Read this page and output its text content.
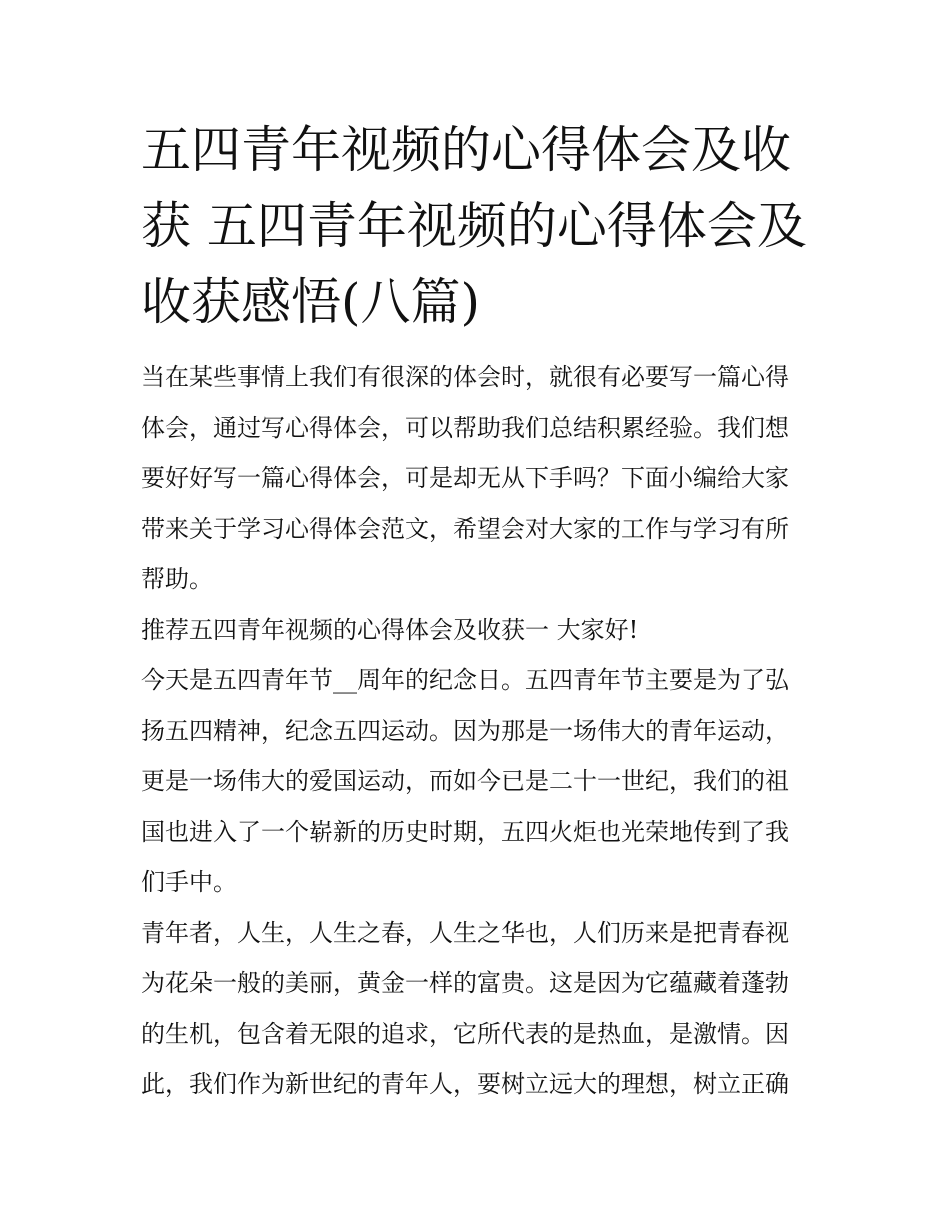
五四青年视频的心得体会及收
获 五四青年视频的心得体会及
收获感悟(八篇)
当在某些事情上我们有很深的体会时，就很有必要写一篇心得
体会，通过写心得体会，可以帮助我们总结积累经验。我们想
要好好写一篇心得体会，可是却无从下手吗？下面小编给大家
带来关于学习心得体会范文，希望会对大家的工作与学习有所
帮助。
推荐五四青年视频的心得体会及收获一 大家好!
今天是五四青年节__周年的纪念日。五四青年节主要是为了弘
扬五四精神，纪念五四运动。因为那是一场伟大的青年运动，
更是一场伟大的爱国运动，而如今已是二十一世纪，我们的祖
国也进入了一个崭新的历史时期，五四火炬也光荣地传到了我
们手中。
青年者，人生，人生之春，人生之华也，人们历来是把青春视
为花朵一般的美丽，黄金一样的富贵。这是因为它蕴藏着蓬勃
的生机，包含着无限的追求，它所代表的是热血，是激情。因
此，我们作为新世纪的青年人，要树立远大的理想，树立正确
